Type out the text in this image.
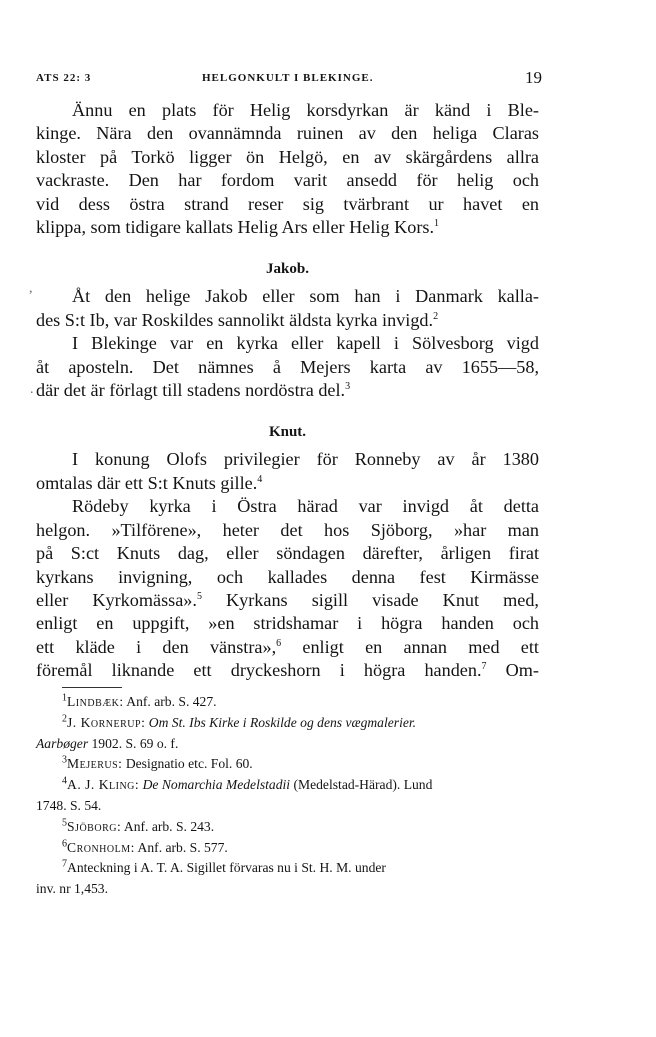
ATS 22: 3	HELGONKULT I BLEKINGE.	19
,
.

Ännu en plats för Helig korsdyrkan är känd i Ble-

kinge. Nära den ovannämnda ruinen av den heliga Claras

kloster på Torkö ligger ön Helgö, en av skärgårdens allra

vackraste. Den har fordom varit ansedd för helig och

vid dess östra strand reser sig tvärbrant ur havet en

klippa, som tidigare kallats Helig Ars eller Helig Kors.$^1$

Jakob.

Åt den helige Jakob eller som han i Danmark kalla-

des S:t Ib, var Roskildes sannolikt äldsta kyrka invigd.$^2$

I Blekinge var en kyrka eller kapell i Sölvesborg vigd

åt aposteln. Det nämnes å Mejers karta av 1655—58,

där det är förlagt till stadens nordöstra del.$^3$

Knut.

I konung Olofs privilegier för Ronneby av år 1380

omtalas där ett S:t Knuts gille.$^4$

Rödeby kyrka i Östra härad var invigd åt detta

helgon. »Tilförene», heter det hos Sjöborg, »har man

på S:ct Knuts dag, eller söndagen därefter, årligen firat

kyrkans invigning, och kallades denna fest Kirmässe

eller Kyrkomässa».$^5$ Kyrkans sigill visade Knut med,

enligt en uppgift, »en stridshamar i högra handen och

ett kläde i den vänstra»,$^6$ enligt en annan med ett

föremål liknande ett dryckeshorn i högra handen.$^7$ Om-

$^1$Lindbæk: Anf. arb. S. 427.

$^2$J. Kornerup: Om St. Ibs Kirke i Roskilde og dens vægmalerier.
Aarbøger 1902. S. 69 o. f.

$^3$Mejerus: Designatio etc. Fol. 60.

$^4$A. J. Kling: De Nomarchia Medelstadii (Medelstad-Härad). Lund
1748. S. 54.

$^5$Sjöborg: Anf. arb. S. 243.

$^6$Cronholm: Anf. arb. S. 577.

$^7$Anteckning i A. T. A. Sigillet förvaras nu i St. H. M. under
inv. nr 1,453.
